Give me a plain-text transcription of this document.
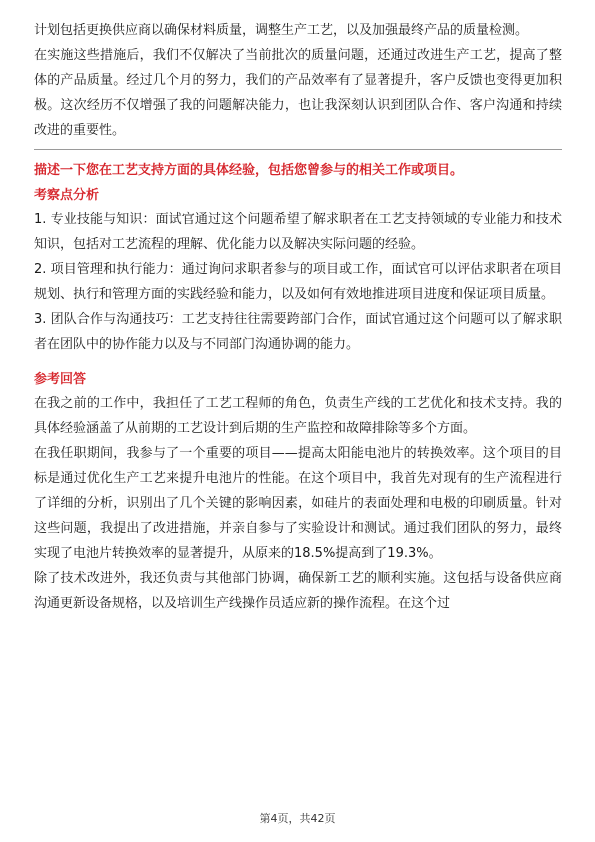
计划包括更换供应商以确保材料质量，调整生产工艺，以及加强最终产品的质量检测。

在实施这些措施后，我们不仅解决了当前批次的质量问题，还通过改进生产工艺，提高了整体的产品质量。经过几个月的努力，我们的产品效率有了显著提升，客户反馈也变得更加积极。这次经历不仅增强了我的问题解决能力，也让我深刻认识到团队合作、客户沟通和持续改进的重要性。

描述一下您在工艺支持方面的具体经验，包括您曾参与的相关工作或项目。

考察点分析

1. 专业技能与知识：面试官通过这个问题希望了解求职者在工艺支持领域的专业能力和技术知识，包括对工艺流程的理解、优化能力以及解决实际问题的经验。

2. 项目管理和执行能力：通过询问求职者参与的项目或工作，面试官可以评估求职者在项目规划、执行和管理方面的实践经验和能力，以及如何有效地推进项目进度和保证项目质量。

3. 团队合作与沟通技巧：工艺支持往往需要跨部门合作，面试官通过这个问题可以了解求职者在团队中的协作能力以及与不同部门沟通协调的能力。

参考回答

在我之前的工作中，我担任了工艺工程师的角色，负责生产线的工艺优化和技术支持。我的具体经验涵盖了从前期的工艺设计到后期的生产监控和故障排除等多个方面。

在我任职期间，我参与了一个重要的项目——提高太阳能电池片的转换效率。这个项目的目标是通过优化生产工艺来提升电池片的性能。在这个项目中，我首先对现有的生产流程进行了详细的分析，识别出了几个关键的影响因素，如硅片的表面处理和电极的印刷质量。针对这些问题，我提出了改进措施，并亲自参与了实验设计和测试。通过我们团队的努力，最终实现了电池片转换效率的显著提升，从原来的18.5%提高到了19.3%。

除了技术改进外，我还负责与其他部门协调，确保新工艺的顺利实施。这包括与设备供应商沟通更新设备规格，以及培训生产线操作员适应新的操作流程。在这个过

第4页，共42页
